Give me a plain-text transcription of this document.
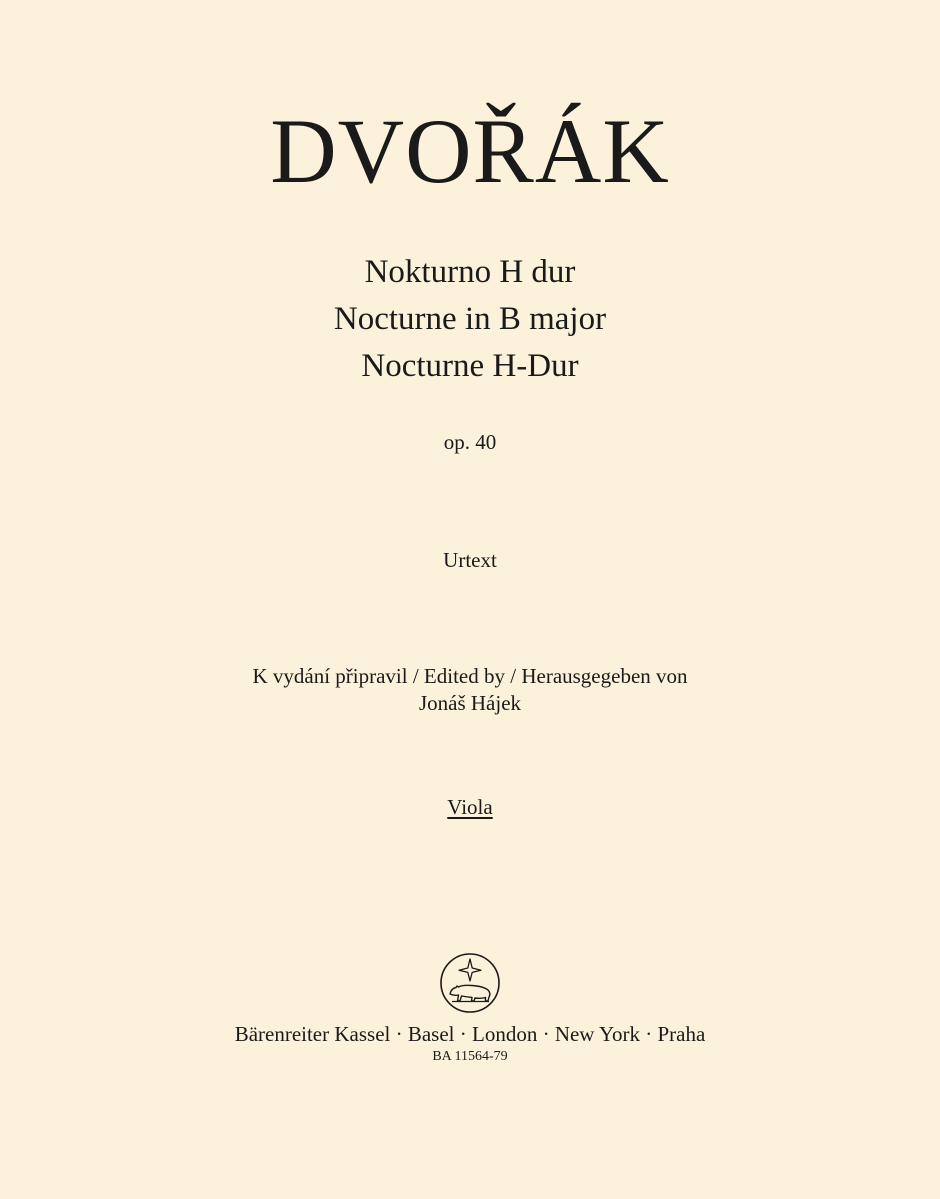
DVOŘÁK
Nokturno H dur
Nocturne in B major
Nocturne H-Dur
op. 40
Urtext
K vydání připravil / Edited by / Herausgegeben von
Jonáš Hájek
Viola
Bärenreiter Kassel · Basel · London · New York · Praha
BA 11564-79
